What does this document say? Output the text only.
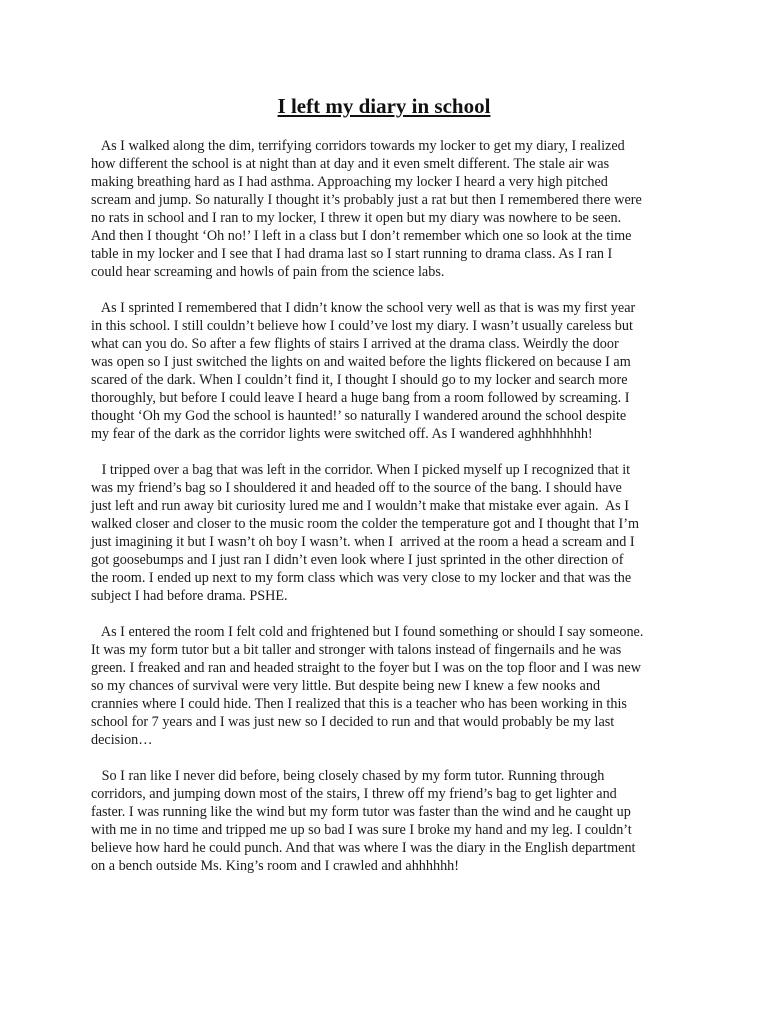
I left my diary in school
As I walked along the dim, terrifying corridors towards my locker to get my diary, I realized
how different the school is at night than at day and it even smelt different. The stale air was
making breathing hard as I had asthma. Approaching my locker I heard a very high pitched
scream and jump. So naturally I thought it’s probably just a rat but then I remembered there were
no rats in school and I ran to my locker, I threw it open but my diary was nowhere to be seen.
And then I thought ‘Oh no!’ I left in a class but I don’t remember which one so look at the time
table in my locker and I see that I had drama last so I start running to drama class. As I ran I
could hear screaming and howls of pain from the science labs.
As I sprinted I remembered that I didn’t know the school very well as that is was my first year
in this school. I still couldn’t believe how I could’ve lost my diary. I wasn’t usually careless but
what can you do. So after a few flights of stairs I arrived at the drama class. Weirdly the door
was open so I just switched the lights on and waited before the lights flickered on because I am
scared of the dark. When I couldn’t find it, I thought I should go to my locker and search more
thoroughly, but before I could leave I heard a huge bang from a room followed by screaming. I
thought ‘Oh my God the school is haunted!’ so naturally I wandered around the school despite
my fear of the dark as the corridor lights were switched off. As I wandered aghhhhhhhh!
I tripped over a bag that was left in the corridor. When I picked myself up I recognized that it
was my friend’s bag so I shouldered it and headed off to the source of the bang. I should have
just left and run away bit curiosity lured me and I wouldn’t make that mistake ever again.  As I
walked closer and closer to the music room the colder the temperature got and I thought that I’m
just imagining it but I wasn’t oh boy I wasn’t. when I  arrived at the room a head a scream and I
got goosebumps and I just ran I didn’t even look where I just sprinted in the other direction of
the room. I ended up next to my form class which was very close to my locker and that was the
subject I had before drama. PSHE.
As I entered the room I felt cold and frightened but I found something or should I say someone.
It was my form tutor but a bit taller and stronger with talons instead of fingernails and he was
green. I freaked and ran and headed straight to the foyer but I was on the top floor and I was new
so my chances of survival were very little. But despite being new I knew a few nooks and
crannies where I could hide. Then I realized that this is a teacher who has been working in this
school for 7 years and I was just new so I decided to run and that would probably be my last
decision…
So I ran like I never did before, being closely chased by my form tutor. Running through
corridors, and jumping down most of the stairs, I threw off my friend’s bag to get lighter and
faster. I was running like the wind but my form tutor was faster than the wind and he caught up
with me in no time and tripped me up so bad I was sure I broke my hand and my leg. I couldn’t
believe how hard he could punch. And that was where I was the diary in the English department
on a bench outside Ms. King’s room and I crawled and ahhhhhh!
